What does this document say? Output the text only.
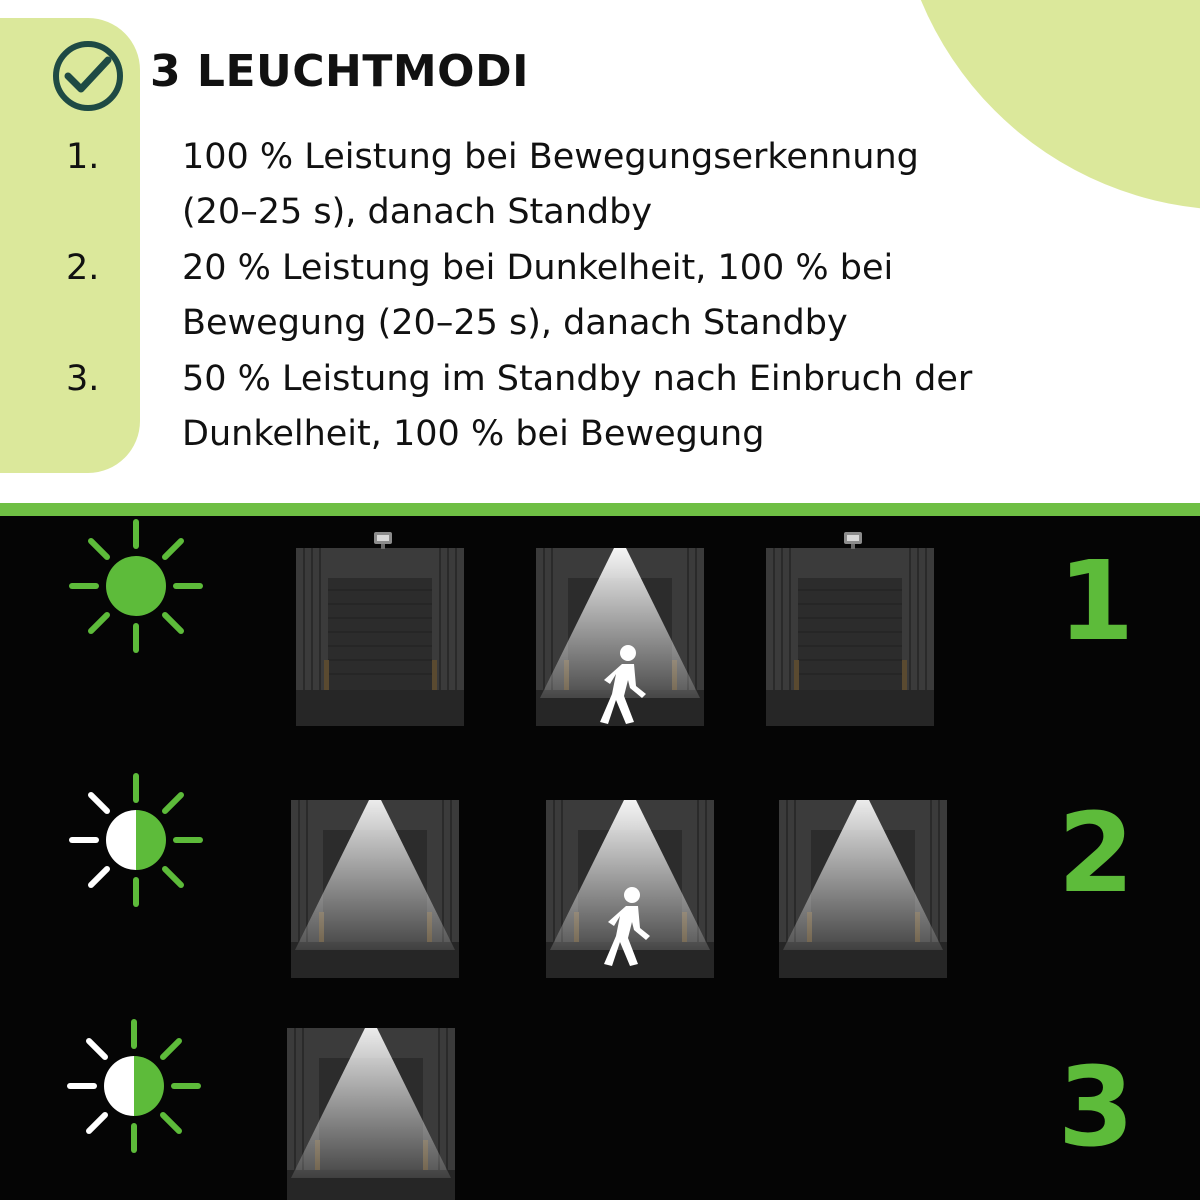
3 LEUCHTMODI
1.	100 % Leistung bei Bewegungserkennung
(20–25 s), danach Standby
2.	20 % Leistung bei Dunkelheit, 100 % bei
Bewegung (20–25 s), danach Standby
3.	50 % Leistung im Standby nach Einbruch der
Dunkelheit, 100 % bei Bewegung
1
2
3
